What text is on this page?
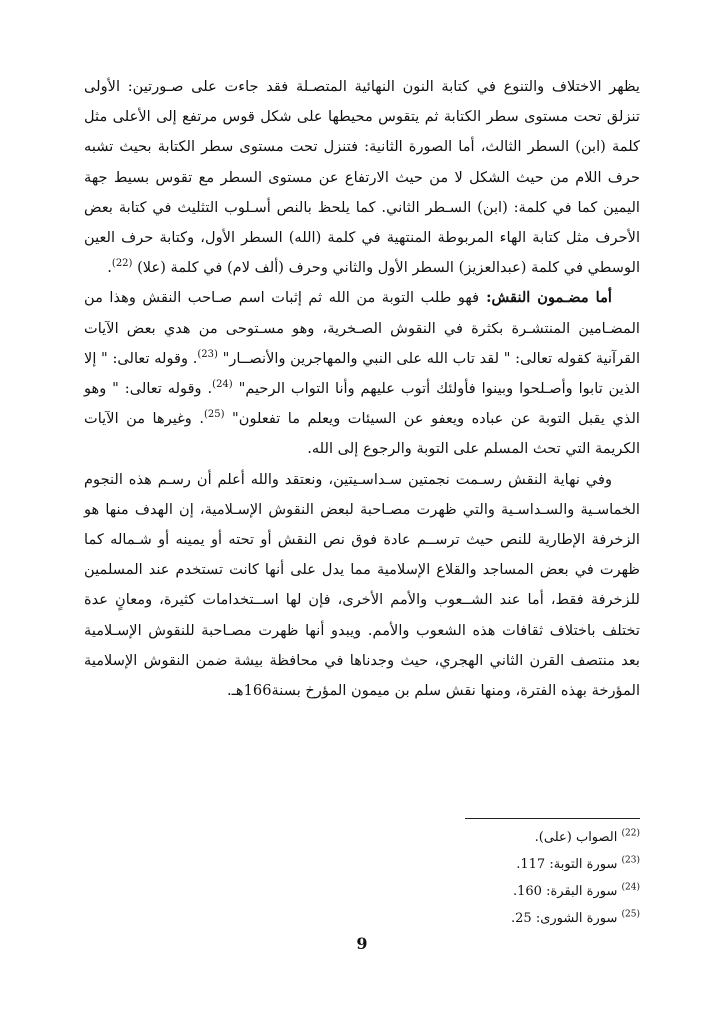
يظهر الاختلاف والتنوع في كتابة النون النهائية المتصـلة فقد جاءت على صـورتين: الأولى تنزلق تحت مستوى سطر الكتابة ثم يتقوس محيطها على شكل قوس مرتفع إلى الأعلى مثل كلمة (ابن) السطر الثالث، أما الصورة الثانية: فتنزل تحت مستوى سطر الكتابة بحيث تشبه حرف اللام من حيث الشكل لا من حيث الارتفاع عن مستوى السطر مع تقوس بسيط جهة اليمين كما في كلمة: (ابن) السـطر الثاني. كما يلحظ بالنص أسـلوب التثليث في كتابة بعض الأحرف مثل كتابة الهاء المربوطة المنتهية في كلمة (الله) السطر الأول، وكتابة حرف العين الوسطي في كلمة (عبدالعزيز) السطر الأول والثاني وحرف (ألف لام) في كلمة (علا) $^{(22)}$.

أما مضـمون النقش: فهو طلب التوبة من الله ثم إثبات اسم صـاحب النقش وهذا من المضـامين المنتشـرة بكثرة في النقوش الصـخرية، وهو مسـتوحى من هدي بعض الآيات القرآنية كقوله تعالى: " لقد تاب الله على النبي والمهاجرين والأنصــار" $^{(23)}$. وقوله تعالى: " إلا الذين تابوا وأصـلحوا وبينوا فأولئك أتوب عليهم وأنا التواب الرحيم" $^{(24)}$. وقوله تعالى: " وهو الذي يقبل التوبة عن عباده ويعفو عن السيئات ويعلم ما تفعلون" $^{(25)}$. وغيرها من الآيات الكريمة التي تحث المسلم على التوبة والرجوع إلى الله.

وفي نهاية النقش رسـمت نجمتين سـداسـيتين، ونعتقد والله أعلم أن رسـم هذه النجوم الخماسـية والسـداسـية والتي ظهرت مصـاحبة لبعض النقوش الإسـلامية، إن الهدف منها هو الزخرفة الإطارية للنص حيث ترســم عادة فوق نص النقش أو تحته أو يمينه أو شـماله كما ظهرت في بعض المساجد والقلاع الإسلامية مما يدل على أنها كانت تستخدم عند المسلمين للزخرفة فقط، أما عند الشــعوب والأمم الأخرى، فإن لها اســتخدامات كثيرة، ومعانٍ عدة تختلف باختلاف ثقافات هذه الشعوب والأمم. ويبدو أنها ظهرت مصـاحبة للنقوش الإسـلامية بعد منتصف القرن الثاني الهجري، حيث وجدناها في محافظة بيشة ضمن النقوش الإسلامية المؤرخة بهذه الفترة، ومنها نقش سلم بن ميمون المؤرخ بسنة166هـ.

$^{(22)}$ الصواب (على).
$^{(23)}$ سورة التوبة: 117.
$^{(24)}$ سورة البقرة: 160.
$^{(25)}$ سورة الشورى: 25.
9
